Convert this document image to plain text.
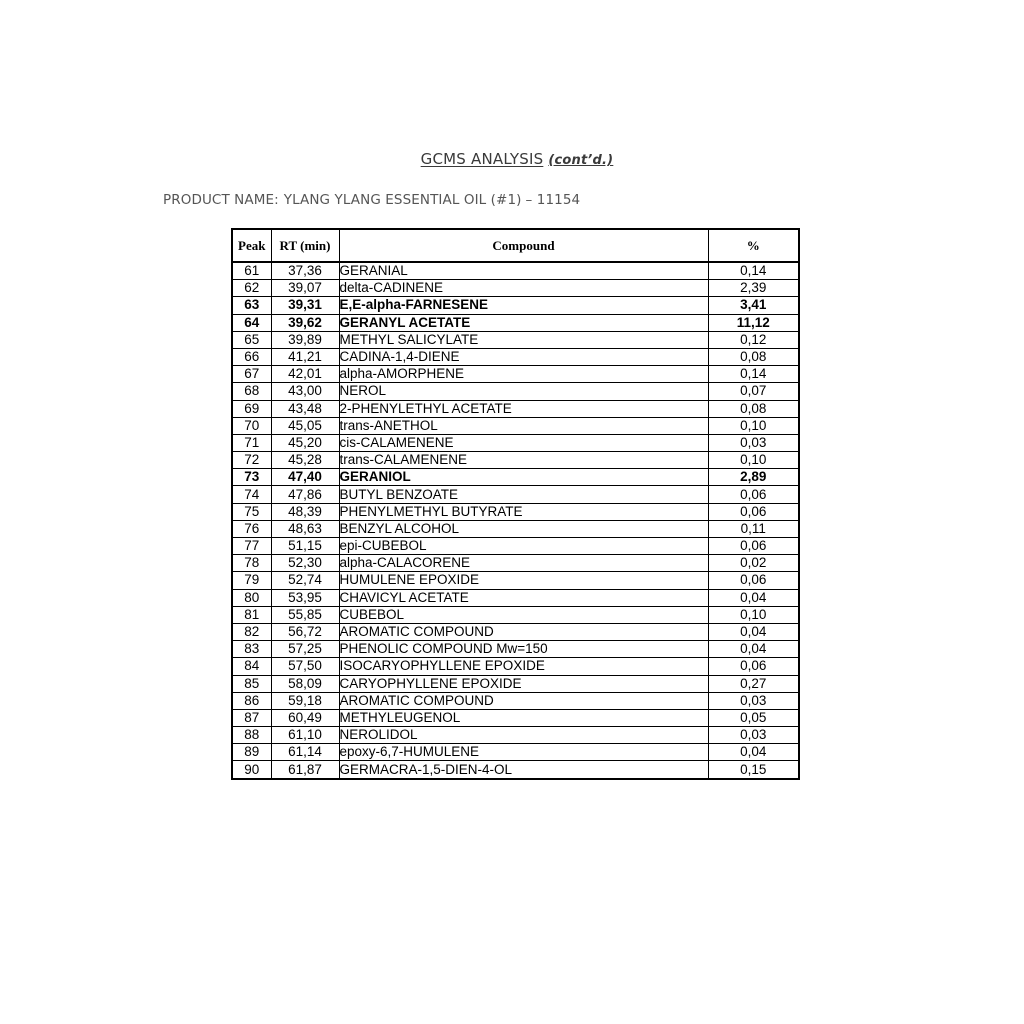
GCMS ANALYSIS (cont’d.)
PRODUCT NAME: YLANG YLANG ESSENTIAL OIL (#1) – 11154
Peak	RT (min)	Compound	%
61	37,36	GERANIAL	0,14
62	39,07	delta-CADINENE	2,39
63	39,31	E,E-alpha-FARNESENE	3,41
64	39,62	GERANYL ACETATE	11,12
65	39,89	METHYL SALICYLATE	0,12
66	41,21	CADINA-1,4-DIENE	0,08
67	42,01	alpha-AMORPHENE	0,14
68	43,00	NEROL	0,07
69	43,48	2-PHENYLETHYL ACETATE	0,08
70	45,05	trans-ANETHOL	0,10
71	45,20	cis-CALAMENENE	0,03
72	45,28	trans-CALAMENENE	0,10
73	47,40	GERANIOL	2,89
74	47,86	BUTYL BENZOATE	0,06
75	48,39	PHENYLMETHYL BUTYRATE	0,06
76	48,63	BENZYL ALCOHOL	0,11
77	51,15	epi-CUBEBOL	0,06
78	52,30	alpha-CALACORENE	0,02
79	52,74	HUMULENE EPOXIDE	0,06
80	53,95	CHAVICYL ACETATE	0,04
81	55,85	CUBEBOL	0,10
82	56,72	AROMATIC COMPOUND	0,04
83	57,25	PHENOLIC COMPOUND Mw=150	0,04
84	57,50	ISOCARYOPHYLLENE EPOXIDE	0,06
85	58,09	CARYOPHYLLENE EPOXIDE	0,27
86	59,18	AROMATIC COMPOUND	0,03
87	60,49	METHYLEUGENOL	0,05
88	61,10	NEROLIDOL	0,03
89	61,14	epoxy-6,7-HUMULENE	0,04
90	61,87	GERMACRA-1,5-DIEN-4-OL	0,15
